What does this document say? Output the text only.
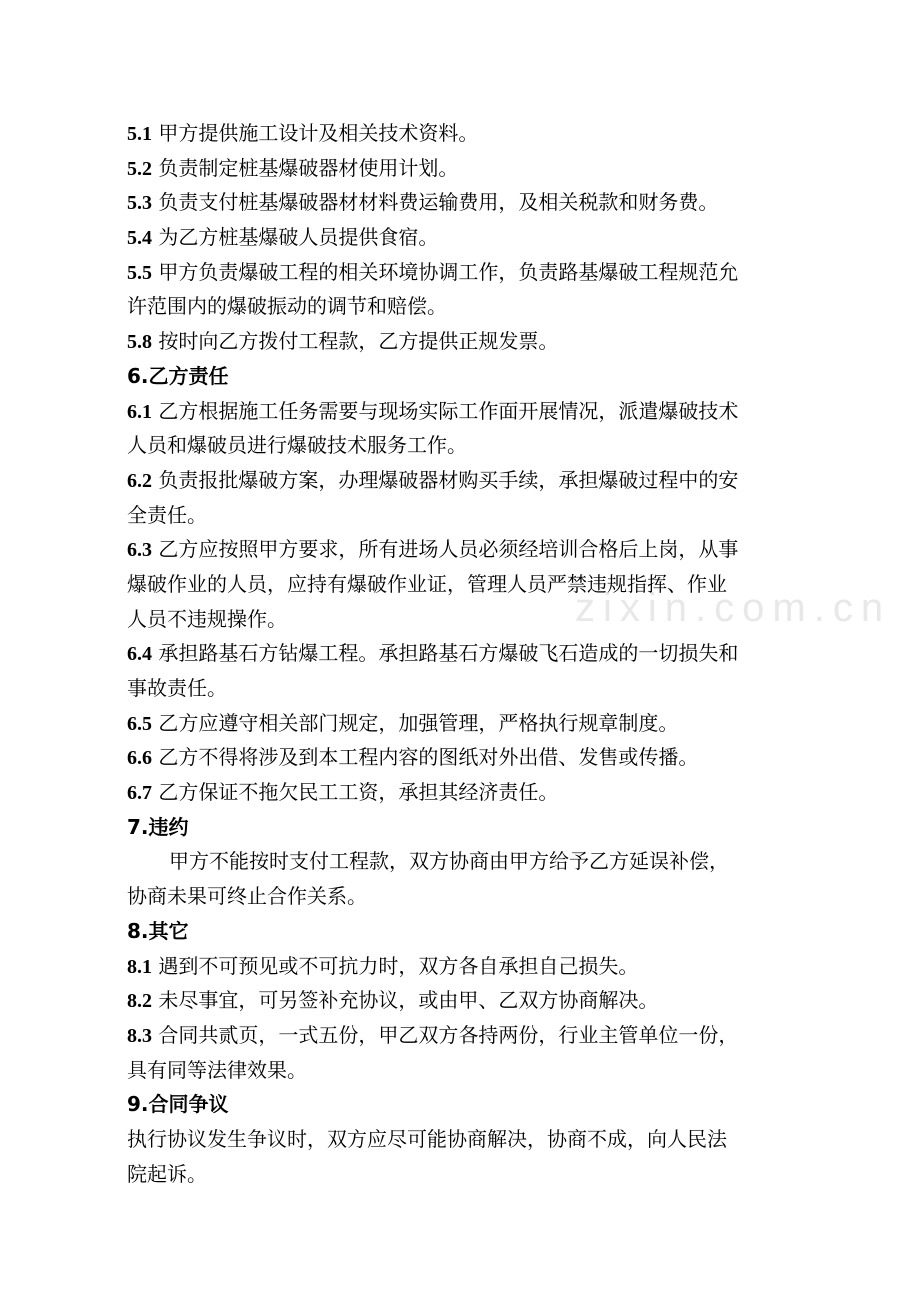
zixin.com.cn
5.1 甲方提供施工设计及相关技术资料。
5.2 负责制定桩基爆破器材使用计划。
5.3 负责支付桩基爆破器材材料费运输费用，及相关税款和财务费。
5.4 为乙方桩基爆破人员提供食宿。
5.5 甲方负责爆破工程的相关环境协调工作，负责路基爆破工程规范允
许范围内的爆破振动的调节和赔偿。
5.8 按时向乙方拨付工程款，乙方提供正规发票。
6.乙方责任
6.1 乙方根据施工任务需要与现场实际工作面开展情况，派遣爆破技术
人员和爆破员进行爆破技术服务工作。
6.2 负责报批爆破方案，办理爆破器材购买手续，承担爆破过程中的安
全责任。
6.3 乙方应按照甲方要求，所有进场人员必须经培训合格后上岗，从事
爆破作业的人员，应持有爆破作业证，管理人员严禁违规指挥、作业
人员不违规操作。
6.4 承担路基石方钻爆工程。承担路基石方爆破飞石造成的一切损失和
事故责任。
6.5 乙方应遵守相关部门规定，加强管理，严格执行规章制度。
6.6 乙方不得将涉及到本工程内容的图纸对外出借、发售或传播。
6.7 乙方保证不拖欠民工工资，承担其经济责任。
7.违约
甲方不能按时支付工程款，双方协商由甲方给予乙方延误补偿，
协商未果可终止合作关系。
8.其它
8.1 遇到不可预见或不可抗力时，双方各自承担自己损失。
8.2 未尽事宜，可另签补充协议，或由甲、乙双方协商解决。
8.3 合同共贰页，一式五份，甲乙双方各持两份，行业主管单位一份，
具有同等法律效果。
9.合同争议
执行协议发生争议时，双方应尽可能协商解决，协商不成，向人民法
院起诉。
